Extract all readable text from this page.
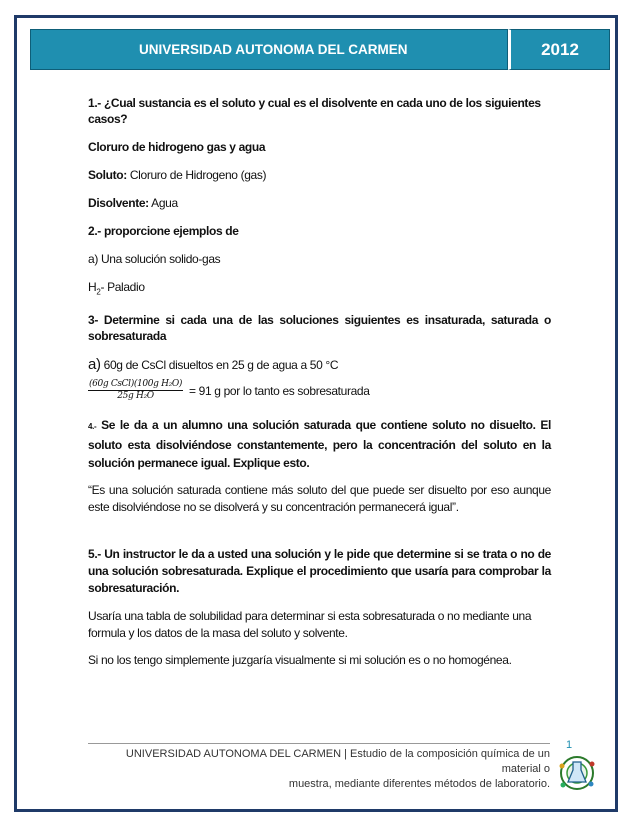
UNIVERSIDAD AUTONOMA DEL CARMEN	2012

1.- ¿Cual sustancia es el soluto y cual es el disolvente en cada uno de los siguientes casos?

Cloruro de hidrogeno gas y agua

Soluto: Cloruro de Hidrogeno (gas)

Disolvente: Agua

2.- proporcione ejemplos de

a) Una solución solido-gas

$H_2-$ Paladio

3- Determine si cada una de las soluciones siguientes es insaturada, saturada o sobresaturada

a) 60g de CsCl disueltos en 25 g de agua a 50 °C

$\frac{\text{(60g CsCl)(100g H₂O)}}{\text{25g H₂O}} = 91$ g por lo tanto es sobresaturada

4.- Se le da a un alumno una solución saturada que contiene soluto no disuelto. El soluto esta disolviéndose constantemente, pero la concentración del soluto en la solución permanece igual. Explique esto.

“Es una solución saturada contiene más soluto del que puede ser disuelto por eso aunque este disolviéndose no se disolverá y su concentración permanecerá igual”.

5.- Un instructor le da a usted una solución y le pide que determine si se trata o no de una solución sobresaturada. Explique el procedimiento que usaría para comprobar la sobresaturación.

Usaría una tabla de solubilidad para determinar si esta sobresaturada o no mediante una formula y los datos de la masa del soluto y solvente.

Si no los tengo simplemente juzgaría visualmente si mi solución es o no homogénea.

1
UNIVERSIDAD AUTONOMA DEL CARMEN | Estudio de la composición química de un material o
muestra, mediante diferentes métodos de laboratorio.
